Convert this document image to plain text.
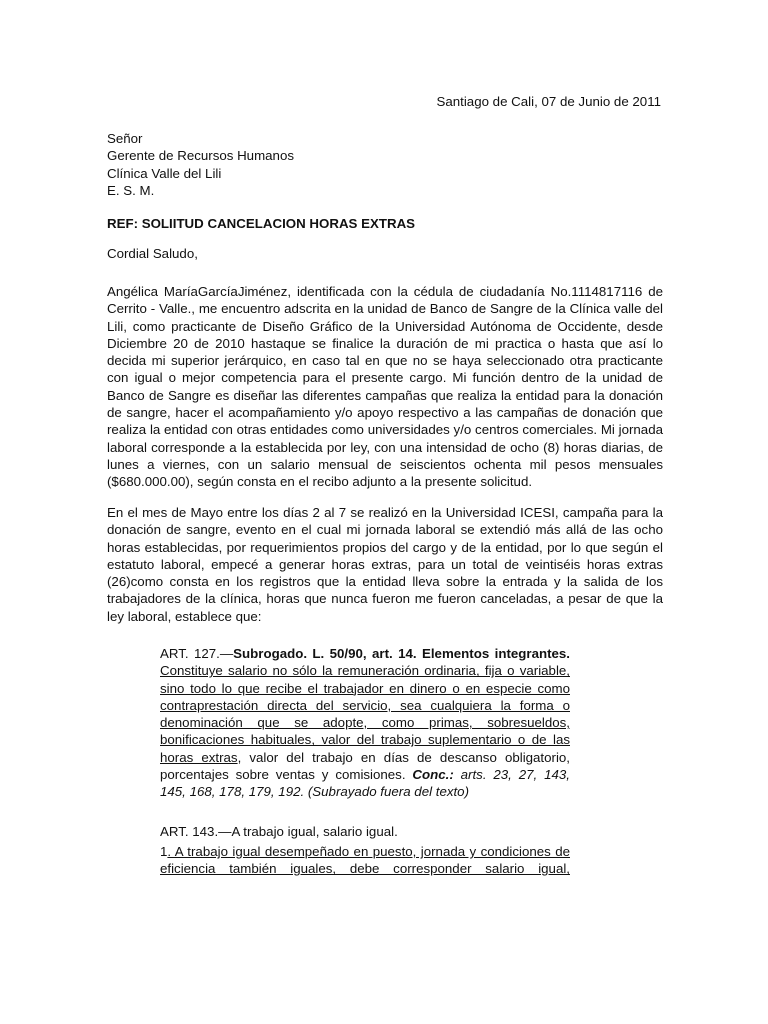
Santiago de Cali, 07 de Junio de 2011

Señor
Gerente de Recursos Humanos
Clínica Valle del Lili
E. S. M.

REF: SOLIITUD CANCELACION HORAS EXTRAS

Cordial Saludo,

Angélica MaríaGarcíaJiménez, identificada con la cédula de ciudadanía No.1114817116 de Cerrito - Valle., me encuentro adscrita en la unidad de Banco de Sangre de la Clínica valle del Lili, como practicante de Diseño Gráfico de la Universidad Autónoma de Occidente, desde Diciembre 20 de 2010 hastaque se finalice la duración de mi practica o hasta que así lo decida mi superior jerárquico, en caso tal en que no se haya seleccionado otra practicante con igual o mejor competencia para el presente cargo. Mi función dentro de la unidad de Banco de Sangre es diseñar las diferentes campañas que realiza la entidad para la donación de sangre, hacer el acompañamiento y/o apoyo respectivo a las campañas de donación que realiza la entidad con otras entidades como universidades y/o centros comerciales. Mi jornada laboral corresponde a la establecida por ley, con una intensidad de ocho (8) horas diarias, de lunes a viernes, con un salario mensual de seiscientos ochenta mil pesos mensuales ($680.000.00), según consta en el recibo adjunto a la presente solicitud.

En el mes de Mayo entre los días 2 al 7 se realizó en la Universidad ICESI, campaña para la donación de sangre, evento en el cual mi jornada laboral se extendió más allá de las ocho horas establecidas, por requerimientos propios del cargo y de la entidad, por lo que según el estatuto laboral, empecé a generar horas extras, para un total de veintiséis horas extras (26)como consta en los registros que la entidad lleva sobre la entrada y la salida de los trabajadores de la clínica, horas que nunca fueron me fueron canceladas, a pesar de que la ley laboral, establece que:

ART. 127.—Subrogado. L. 50/90, art. 14. Elementos integrantes. Constituye salario no sólo la remuneración ordinaria, fija o variable, sino todo lo que recibe el trabajador en dinero o en especie como contraprestación directa del servicio, sea cualquiera la forma o denominación que se adopte, como primas, sobresueldos, bonificaciones habituales, valor del trabajo suplementario o de las horas extras, valor del trabajo en días de descanso obligatorio, porcentajes sobre ventas y comisiones. Conc.: arts. 23, 27, 143, 145, 168, 178, 179, 192. (Subrayado fuera del texto)

ART. 143.—A trabajo igual, salario igual.

1. A trabajo igual desempeñado en puesto, jornada y condiciones de eficiencia también iguales, debe corresponder salario igual,
